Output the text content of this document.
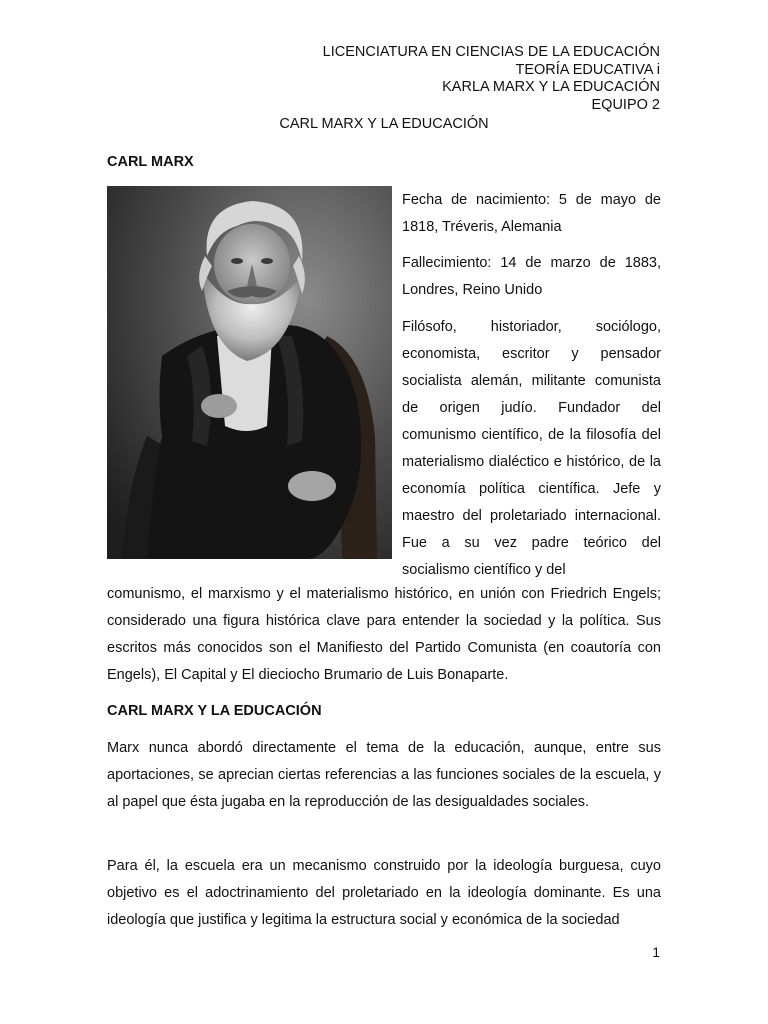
LICENCIATURA EN CIENCIAS DE LA EDUCACIÓN
TEORÍA EDUCATIVA i
KARLA MARX Y LA EDUCACIÓN
EQUIPO 2
CARL MARX Y LA EDUCACIÓN
CARL MARX
Fecha de nacimiento: 5 de mayo de 1818, Tréveris, Alemania
Fallecimiento: 14 de marzo de 1883, Londres, Reino Unido
Filósofo, historiador, sociólogo, economista, escritor y pensador socialista alemán, militante comunista de origen judío. Fundador del comunismo científico, de la filosofía del materialismo dialéctico e histórico, de la economía política científica. Jefe y maestro del proletariado internacional. Fue a su vez padre teórico del socialismo científico y del
comunismo, el marxismo y el materialismo histórico, en unión con Friedrich Engels; considerado una figura histórica clave para entender la sociedad y la política. Sus escritos más conocidos son el Manifiesto del Partido Comunista (en coautoría con Engels), El Capital y El dieciocho Brumario de Luis Bonaparte.
CARL MARX Y LA EDUCACIÓN
Marx nunca abordó directamente el tema de la educación, aunque, entre sus aportaciones, se aprecian ciertas referencias a las funciones sociales de la escuela, y al papel que ésta jugaba en la reproducción de las desigualdades sociales.
Para él, la escuela era un mecanismo construido por la ideología burguesa, cuyo objetivo es el adoctrinamiento del proletariado en la ideología dominante. Es una ideología que justifica y legitima la estructura social y económica de la sociedad
1
